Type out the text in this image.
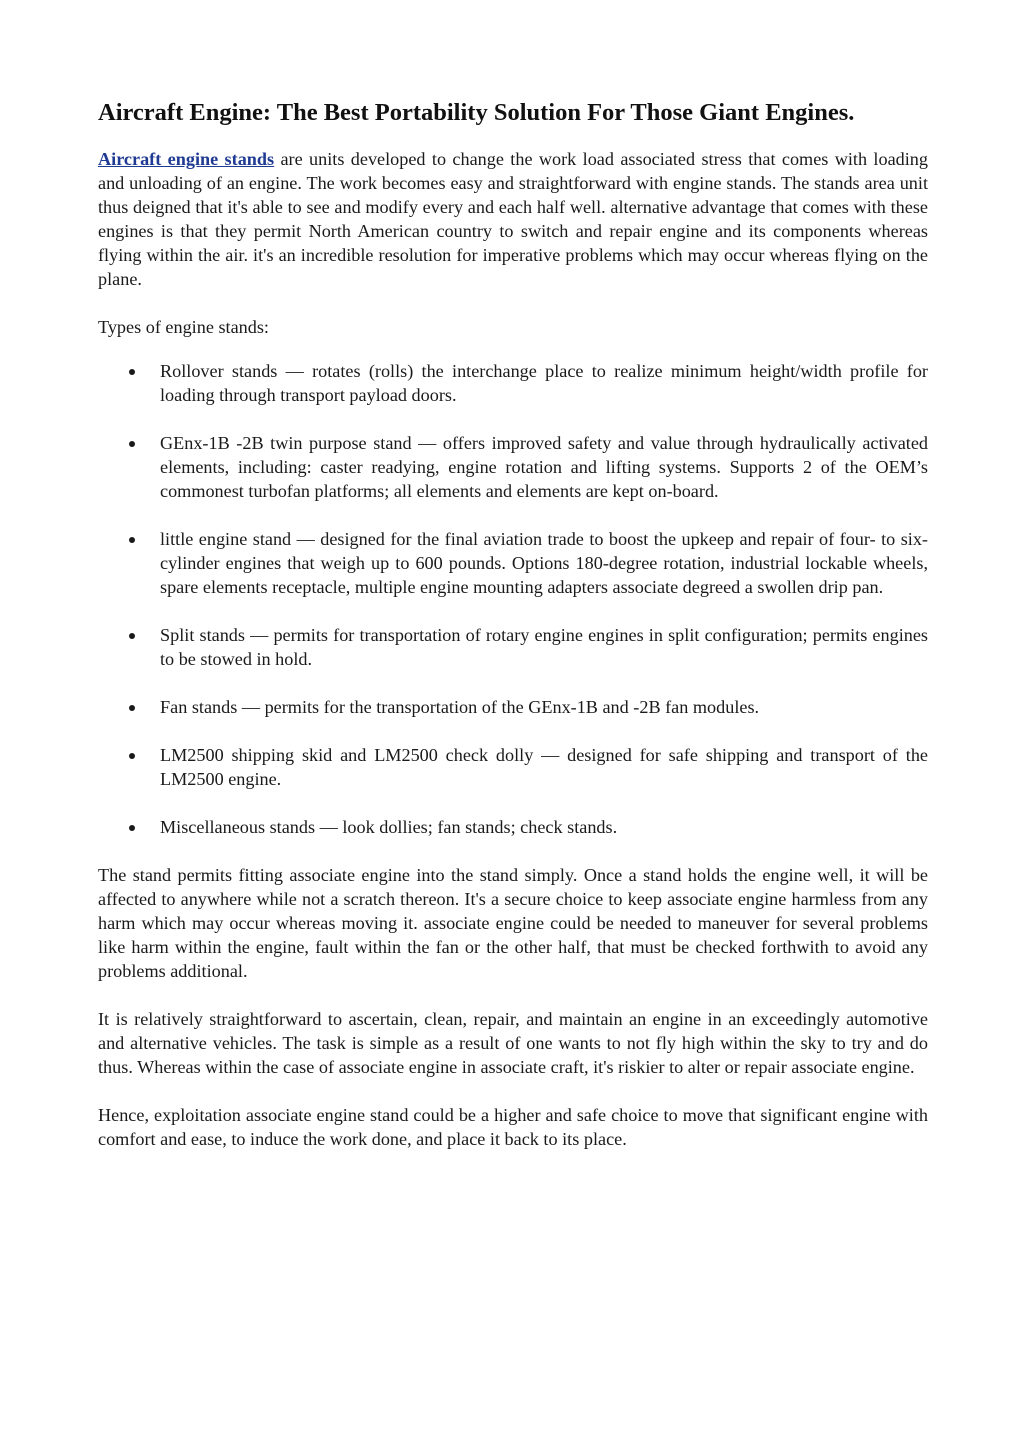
Aircraft Engine: The Best Portability Solution For Those Giant Engines.

Aircraft engine stands are units developed to change the work load associated stress that comes with loading and unloading of an engine. The work becomes easy and straightforward with engine stands. The stands area unit thus deigned that it's able to see and modify every and each half well. alternative advantage that comes with these engines is that they permit North American country to switch and repair engine and its components whereas flying within the air. it's an incredible resolution for imperative problems which may occur whereas flying on the plane.

Types of engine stands:

Rollover stands — rotates (rolls) the interchange place to realize minimum height/width profile for loading through transport payload doors.
GEnx-1B -2B twin purpose stand — offers improved safety and value through hydraulically activated elements, including: caster readying, engine rotation and lifting systems. Supports 2 of the OEM’s commonest turbofan platforms; all elements and elements are kept on-board.
little engine stand — designed for the final aviation trade to boost the upkeep and repair of four- to six-cylinder engines that weigh up to 600 pounds. Options 180-degree rotation, industrial lockable wheels, spare elements receptacle, multiple engine mounting adapters associate degreed a swollen drip pan.
Split stands — permits for transportation of rotary engine engines in split configuration; permits engines to be stowed in hold.
Fan stands — permits for the transportation of the GEnx-1B and -2B fan modules.
LM2500 shipping skid and LM2500 check dolly — designed for safe shipping and transport of the LM2500 engine.
Miscellaneous stands — look dollies; fan stands; check stands.

The stand permits fitting associate engine into the stand simply. Once a stand holds the engine well, it will be affected to anywhere while not a scratch thereon. It's a secure choice to keep associate engine harmless from any harm which may occur whereas moving it. associate engine could be needed to maneuver for several problems like harm within the engine, fault within the fan or the other half, that must be checked forthwith to avoid any problems additional.

It is relatively straightforward to ascertain, clean, repair, and maintain an engine in an exceedingly automotive and alternative vehicles. The task is simple as a result of one wants to not fly high within the sky to try and do thus. Whereas within the case of associate engine in associate craft, it's riskier to alter or repair associate engine.

Hence, exploitation associate engine stand could be a higher and safe choice to move that significant engine with comfort and ease, to induce the work done, and place it back to its place.
